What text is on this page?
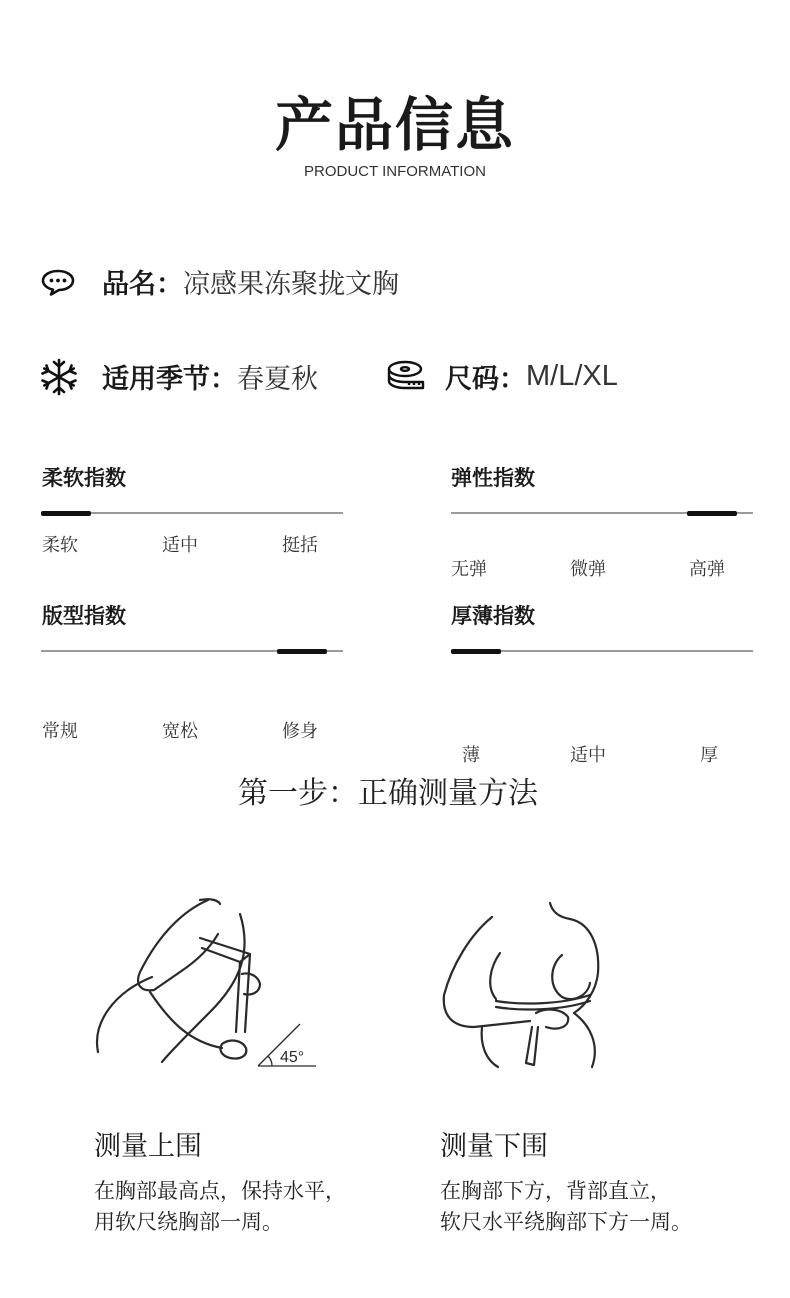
产品信息
PRODUCT INFORMATION
品名： 凉感果冻聚拢文胸
适用季节： 春夏秋	尺码： M/L/XL
柔软指数
柔软	适中	挺括
弹性指数
无弹	微弹	高弹
版型指数
常规	宽松	修身
厚薄指数
薄	适中	厚
第一步：正确测量方法
45°
测量上围
在胸部最高点，保持水平，
用软尺绕胸部一周。
测量下围
在胸部下方，背部直立，
软尺水平绕胸部下方一周。
